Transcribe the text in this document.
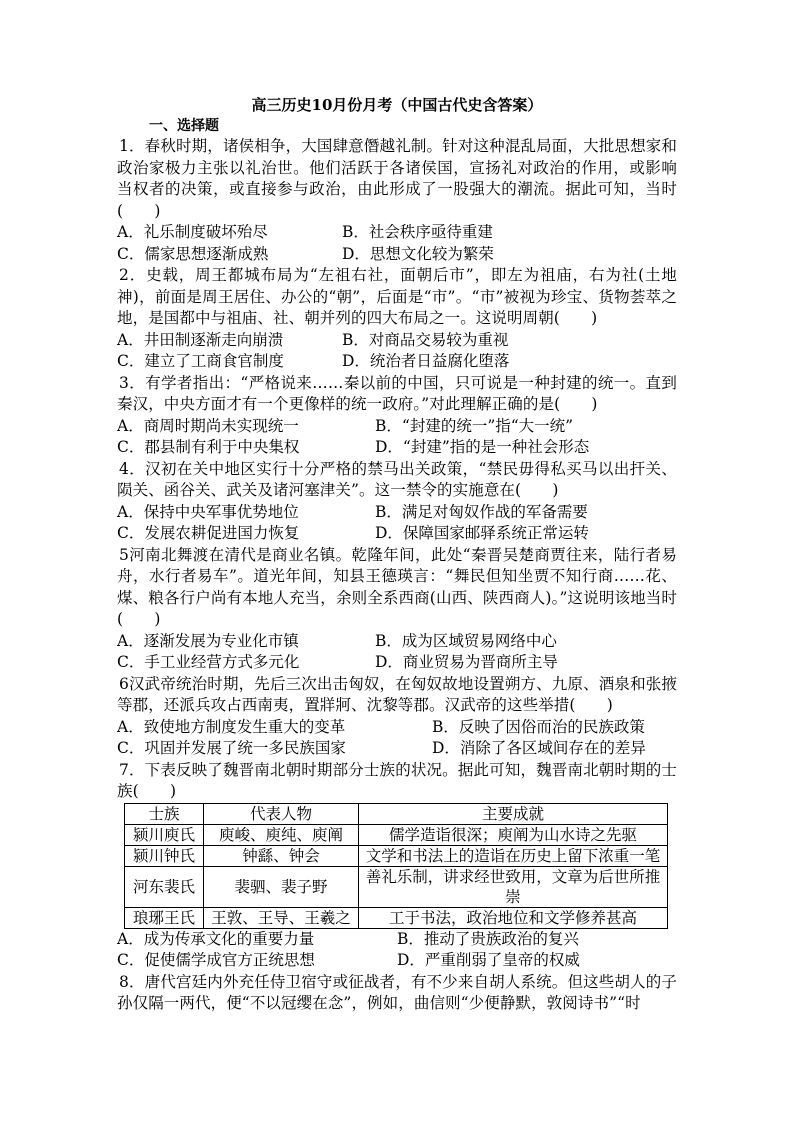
高三历史10月份月考（中国古代史含答案）
一、选择题

1．春秋时期，诸侯相争，大国肆意僭越礼制。针对这种混乱局面，大批思想家和政治家极力主张以礼治世。他们活跃于各诸侯国，宣扬礼对政治的作用，或影响当权者的决策，或直接参与政治，由此形成了一股强大的潮流。据此可知，当时(　　)

A．礼乐制度破坏殆尽	B．社会秩序亟待重建
C．儒家思想逐渐成熟	D．思想文化较为繁荣

2．史载，周王都城布局为“左祖右社，面朝后市”，即左为祖庙，右为社(土地神)，前面是周王居住、办公的“朝”，后面是“市”。“市”被视为珍宝、货物荟萃之地，是国都中与祖庙、社、朝并列的四大布局之一。这说明周朝(　　)

A．井田制逐渐走向崩溃	B．对商品交易较为重视
C．建立了工商食官制度	D．统治者日益腐化堕落

3．有学者指出：“严格说来……秦以前的中国，只可说是一种封建的统一。直到秦汉，中央方面才有一个更像样的统一政府。”对此理解正确的是(　　)

A．商周时期尚未实现统一	B．“封建的统一”指“大一统”
C．郡县制有利于中央集权	D．“封建”指的是一种社会形态

4．汉初在关中地区实行十分严格的禁马出关政策，“禁民毋得私买马以出扞关、陨关、函谷关、武关及诸河塞津关”。这一禁令的实施意在(　　)

A．保持中央军事优势地位	B．满足对匈奴作战的军备需要
C．发展农耕促进国力恢复	D．保障国家邮驿系统正常运转

5河南北舞渡在清代是商业名镇。乾隆年间，此处“秦晋吴楚商贾往来，陆行者易舟，水行者易车”。道光年间，知县王德瑛言：“舞民但知坐贾不知行商……花、煤、粮各行户尚有本地人充当，余则全系西商(山西、陕西商人)。”这说明该地当时(　　)

A．逐渐发展为专业化市镇	B．成为区域贸易网络中心
C．手工业经营方式多元化	D．商业贸易为晋商所主导

6汉武帝统治时期，先后三次出击匈奴，在匈奴故地设置朔方、九原、酒泉和张掖等郡，还派兵攻占西南夷，置牂牁、沈黎等郡。汉武帝的这些举措(　　)

A．致使地方制度发生重大的变革	B．反映了因俗而治的民族政策
C．巩固并发展了统一多民族国家	D．消除了各区域间存在的差异

7．下表反映了魏晋南北朝时期部分士族的状况。据此可知，魏晋南北朝时期的士族(　　)

士族	代表人物	主要成就
颍川庾氏	庾峻、庾纯、庾阐	儒学造诣很深；庾阐为山水诗之先驱
颍川钟氏	钟繇、钟会	文学和书法上的造诣在历史上留下浓重一笔
河东裴氏	裴驷、裴子野	善礼乐制，讲求经世致用，文章为后世所推崇
琅琊王氏	王敦、王导、王羲之	工于书法，政治地位和文学修养甚高
A．成为传承文化的重要力量	B．推动了贵族政治的复兴
C．促使儒学成官方正统思想	D．严重削弱了皇帝的权威

8．唐代宫廷内外充任侍卫宿守或征战者，有不少来自胡人系统。但这些胡人的子孙仅隔一两代，便“不以冠缨在念”，例如，曲信则“少便静默，敦阅诗书”“时
